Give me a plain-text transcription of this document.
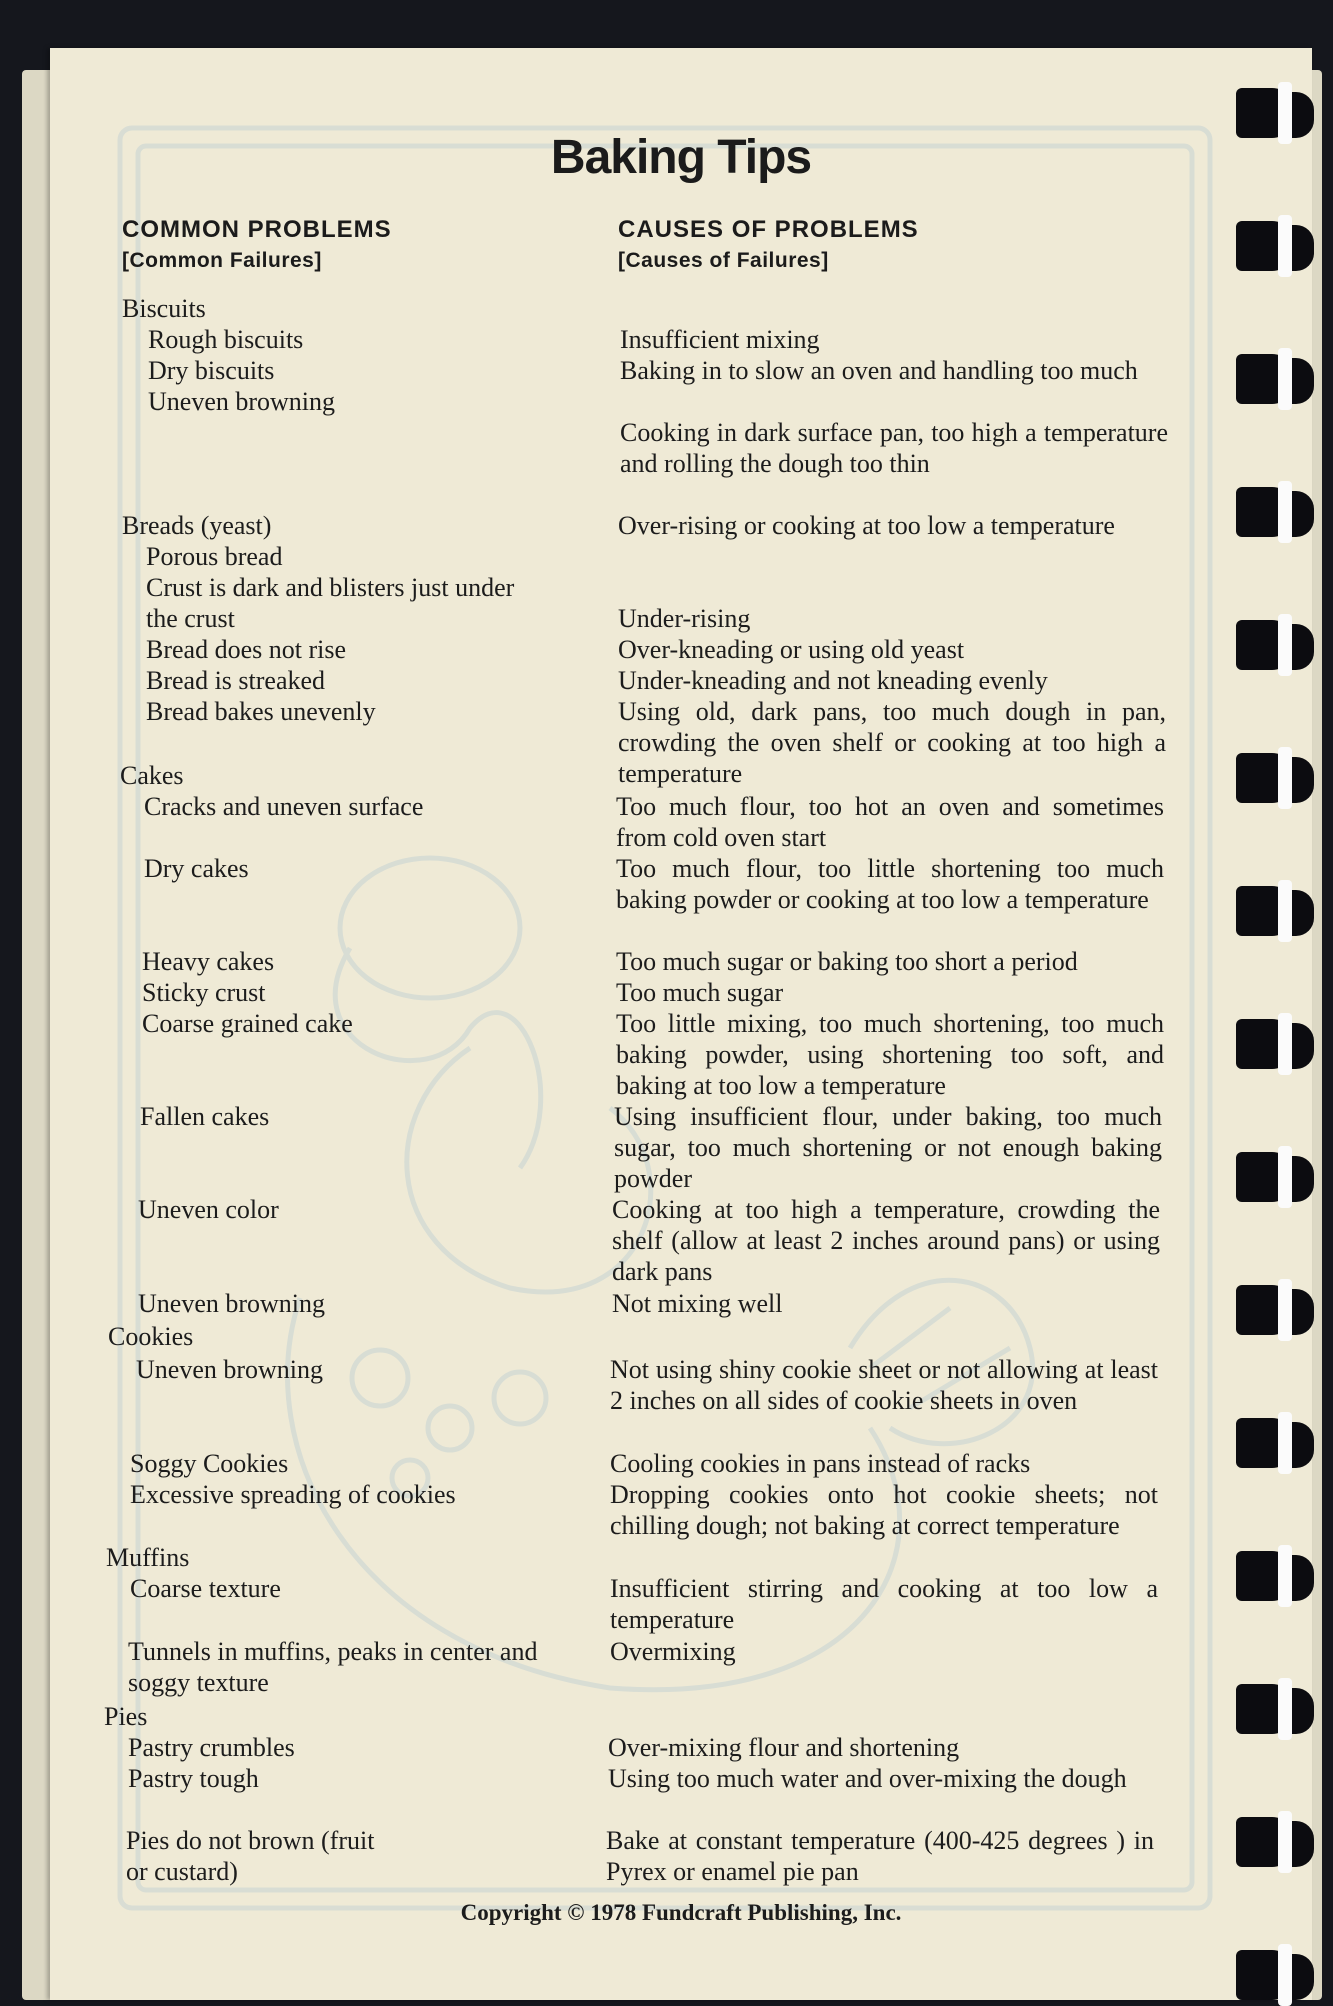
Baking Tips
COMMON PROBLEMS
[Common Failures]
CAUSES OF PROBLEMS
[Causes of Failures]
Biscuits
Rough biscuits
Dry biscuits
Uneven browning
Insufficient mixing
Baking in to slow an oven and handling too much
Cooking in dark surface pan, too high a temperature and rolling the dough too thin
Breads (yeast)
Porous bread
Crust is dark and blisters just under the crust
Bread does not rise
Bread is streaked
Bread bakes unevenly
Over-rising or cooking at too low a temperature
Under-rising
Over-kneading or using old yeast
Under-kneading and not kneading evenly
Using old, dark pans, too much dough in pan, crowding the oven shelf or cooking at too high a temperature
Cakes
Cracks and uneven surface
Dry cakes
Heavy cakes
Sticky crust
Coarse grained cake
Fallen cakes
Uneven color
Uneven browning
Too much flour, too hot an oven and sometimes from cold oven start
Too much flour, too little shortening too much baking powder or cooking at too low a temperature
Too much sugar or baking too short a period
Too much sugar
Too little mixing, too much shortening, too much baking powder, using shortening too soft, and baking at too low a temperature
Using insufficient flour, under baking, too much sugar, too much shortening or not enough baking powder
Cooking at too high a temperature, crowding the shelf (allow at least 2 inches around pans) or using dark pans
Not mixing well
Cookies
Uneven browning
Soggy Cookies
Excessive spreading of cookies
Not using shiny cookie sheet or not allowing at least 2 inches on all sides of cookie sheets in oven
Cooling cookies in pans instead of racks
Dropping cookies onto hot cookie sheets; not chilling dough; not baking at correct temperature
Muffins
Coarse texture
Tunnels in muffins, peaks in center and soggy texture
Insufficient stirring and cooking at too low a temperature
Overmixing
Pies
Pastry crumbles
Pastry tough
Pies do not brown (fruit or custard)
Over-mixing flour and shortening
Using too much water and over-mixing the dough
Bake at constant temperature (400-425 degrees ) in Pyrex or enamel pie pan
Copyright © 1978 Fundcraft Publishing, Inc.
